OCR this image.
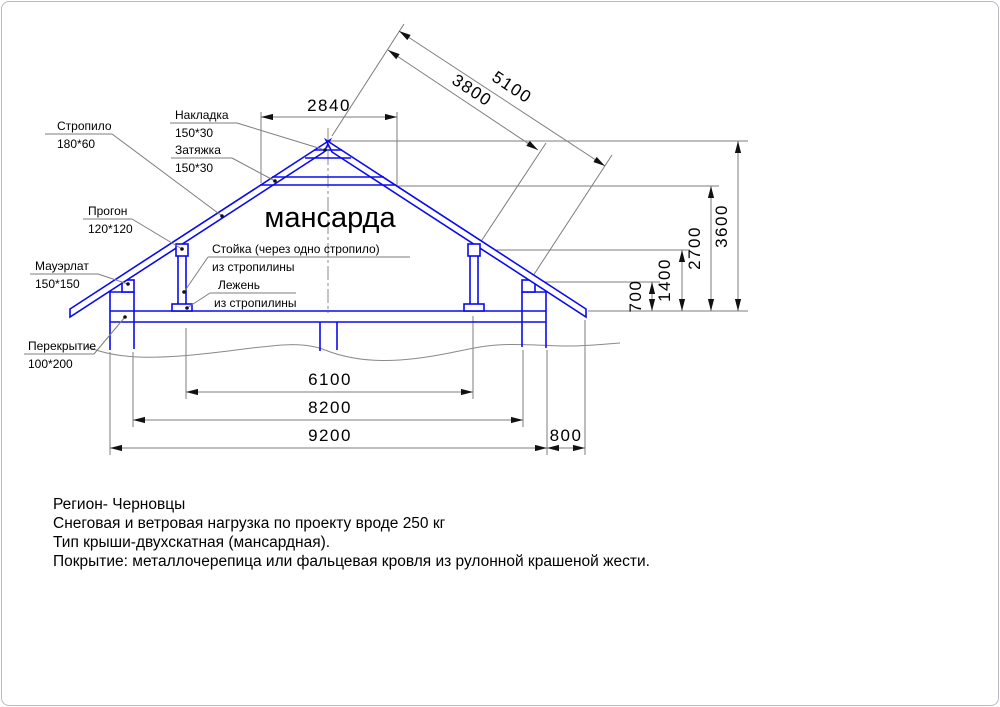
2840	3800
5100
700 1400
2700
3600
6100
8200
9200	800
Стропило
180*60
Накладка
150*30
Затяжка
150*30
Прогон
120*120
Мауэрлат
150*150
Перекрытие
100*200
Стойка (через одно стропило)
из стропилины
Лежень
из стропилины
мансарда
Регион- Черновцы
Снеговая и ветровая нагрузка по проекту вроде 250 кг
Тип крыши-двухскатная (мансардная).
Покрытие: металлочерепица или фальцевая кровля из рулонной крашеной жести.
